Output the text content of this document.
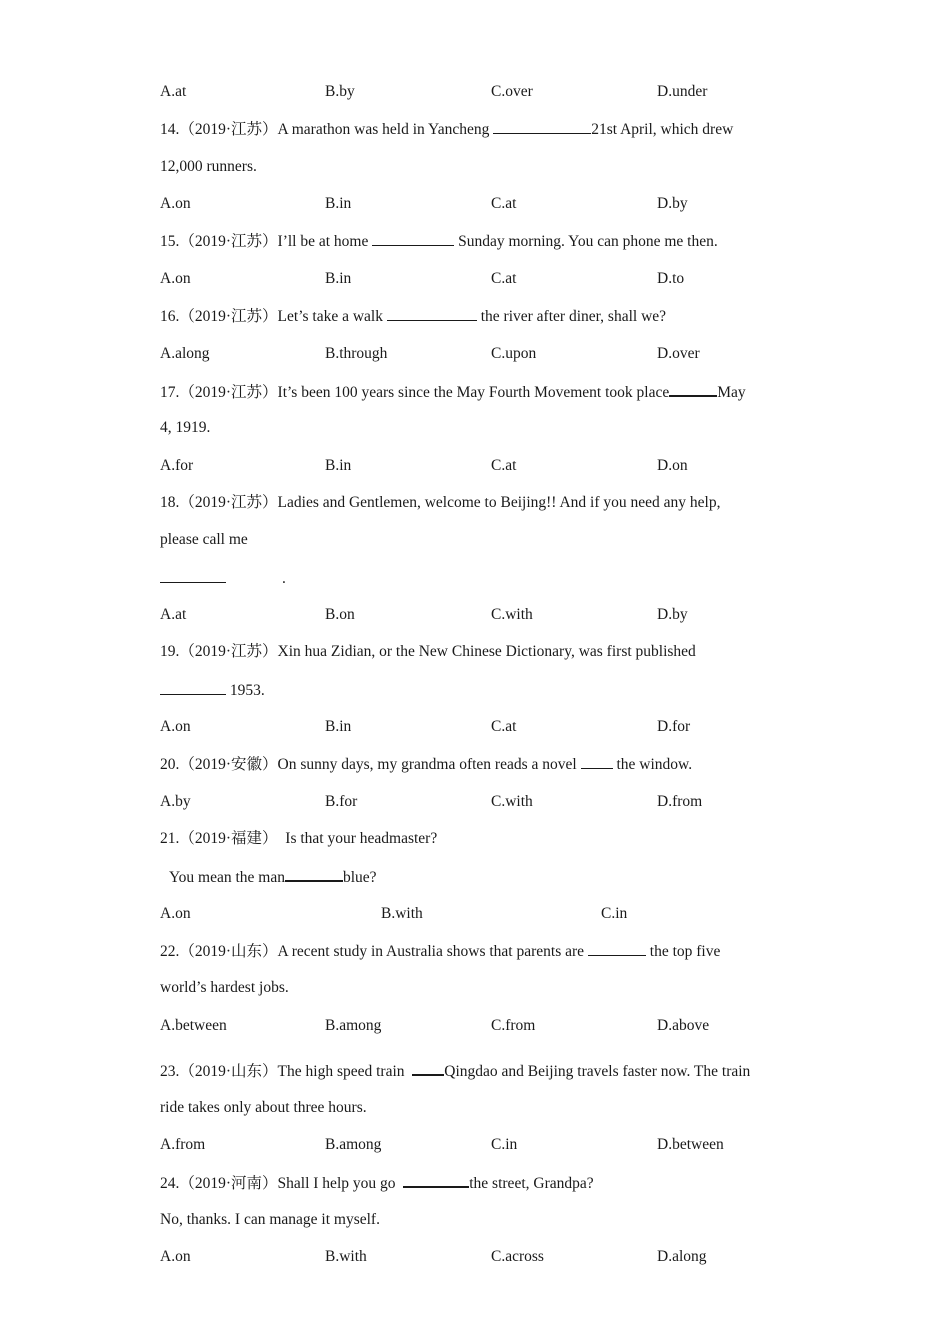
A.at	B.by	C.over	D.under
14.（2019·江苏）A marathon was held in Yancheng	21st April, which drew
12,000 runners.
A.on	B.in	C.at	D.by
15.（2019·江苏）I’ll be at home	Sunday morning. You can phone me then.
A.on	B.in	C.at	D.to
16.（2019·江苏）Let’s take a walk	the river after diner, shall we?
A.along	B.through	C.upon	D.over
17.（2019·江苏）It’s been 100 years since the May Fourth Movement took place	May
4, 1919.
A.for	B.in	C.at	D.on
18.（2019·江苏）Ladies and Gentlemen, welcome to Beijing!! And if you need any help,
please call me
.
A.at	B.on	C.with	D.by
19.（2019·江苏）Xin hua Zidian, or the New Chinese Dictionary, was first published
1953.
A.on	B.in	C.at	D.for
20.（2019·安徽）On sunny days, my grandma often reads a novel  the window.
A.by	B.for	C.with	D.from
21.（2019·福建）  Is that your headmaster?
You mean the man	blue?
A.on	B.with	C.in
22.（2019·山东）A recent study in Australia shows that parents are	the top five
world’s hardest jobs.
A.between	B.among	C.from	D.above
23.（2019·山东）The high speed train  Qingdao and Beijing travels faster now. The train
ride takes only about three hours.
A.from	B.among	C.in	D.between
24.（2019·河南）Shall I help you go	the street, Grandpa?
No, thanks. I can manage it myself.
A.on	B.with	C.across	D.along
